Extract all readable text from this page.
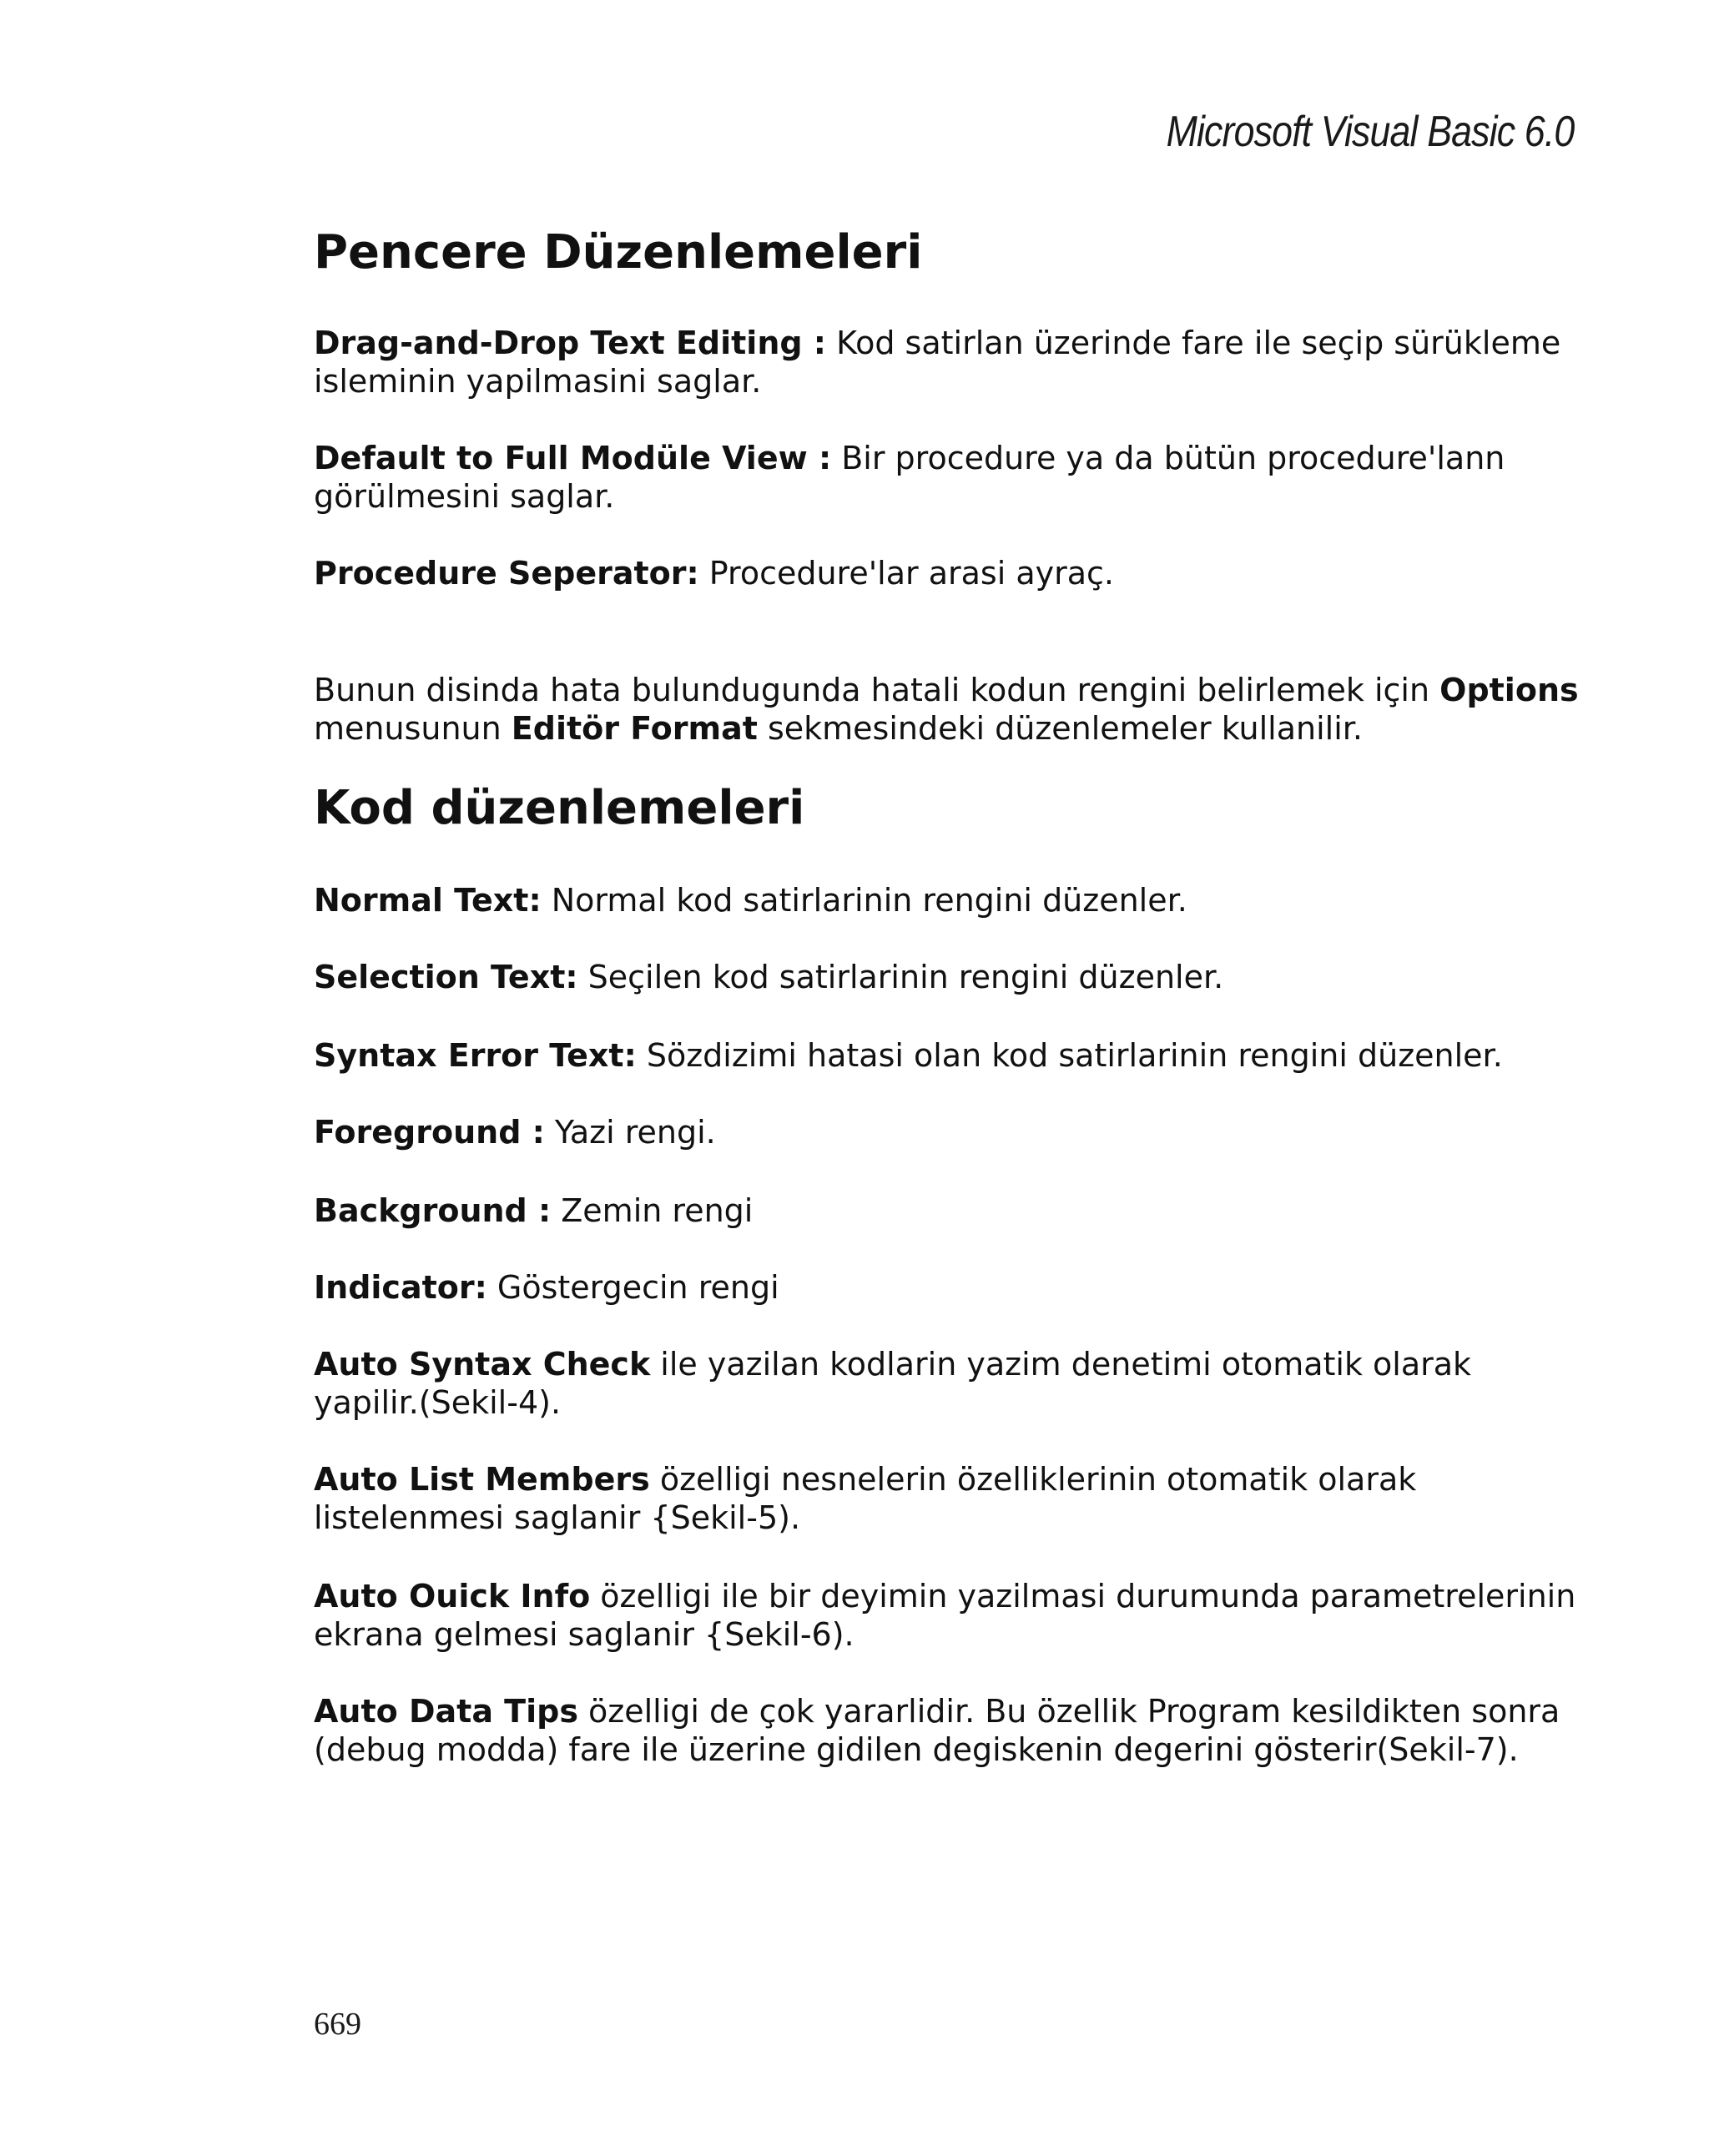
Microsoft Visual Basic 6.0
Pencere Düzenlemeleri

Drag-and-Drop Text Editing : Kod satirlan üzerinde fare ile seçip sürükleme isleminin yapilmasini saglar.

Default to Full Modüle View : Bir procedure ya da bütün procedure'lann görülmesini saglar.

Procedure Seperator: Procedure'lar arasi ayraç.

Bunun disinda hata bulundugunda hatali kodun rengini belirlemek için Options menusunun Editör Format sekmesindeki düzenlemeler kullanilir.

Kod düzenlemeleri

Normal Text: Normal kod satirlarinin rengini düzenler.

Selection Text: Seçilen kod satirlarinin rengini düzenler.

Syntax Error Text: Sözdizimi hatasi olan kod satirlarinin rengini düzenler.

Foreground : Yazi rengi.

Background : Zemin rengi

Indicator: Göstergecin rengi

Auto Syntax Check ile yazilan kodlarin yazim denetimi otomatik olarak yapilir.(Sekil-4).

Auto List Members özelligi nesnelerin özelliklerinin otomatik olarak listelenmesi saglanir {Sekil-5).

Auto Ouick Info özelligi ile bir deyimin yazilmasi durumunda parametrelerinin ekrana gelmesi saglanir {Sekil-6).

Auto Data Tips özelligi de çok yararlidir. Bu özellik Program kesildikten sonra (debug modda) fare ile üzerine gidilen degiskenin degerini gösterir(Sekil-7).

669
